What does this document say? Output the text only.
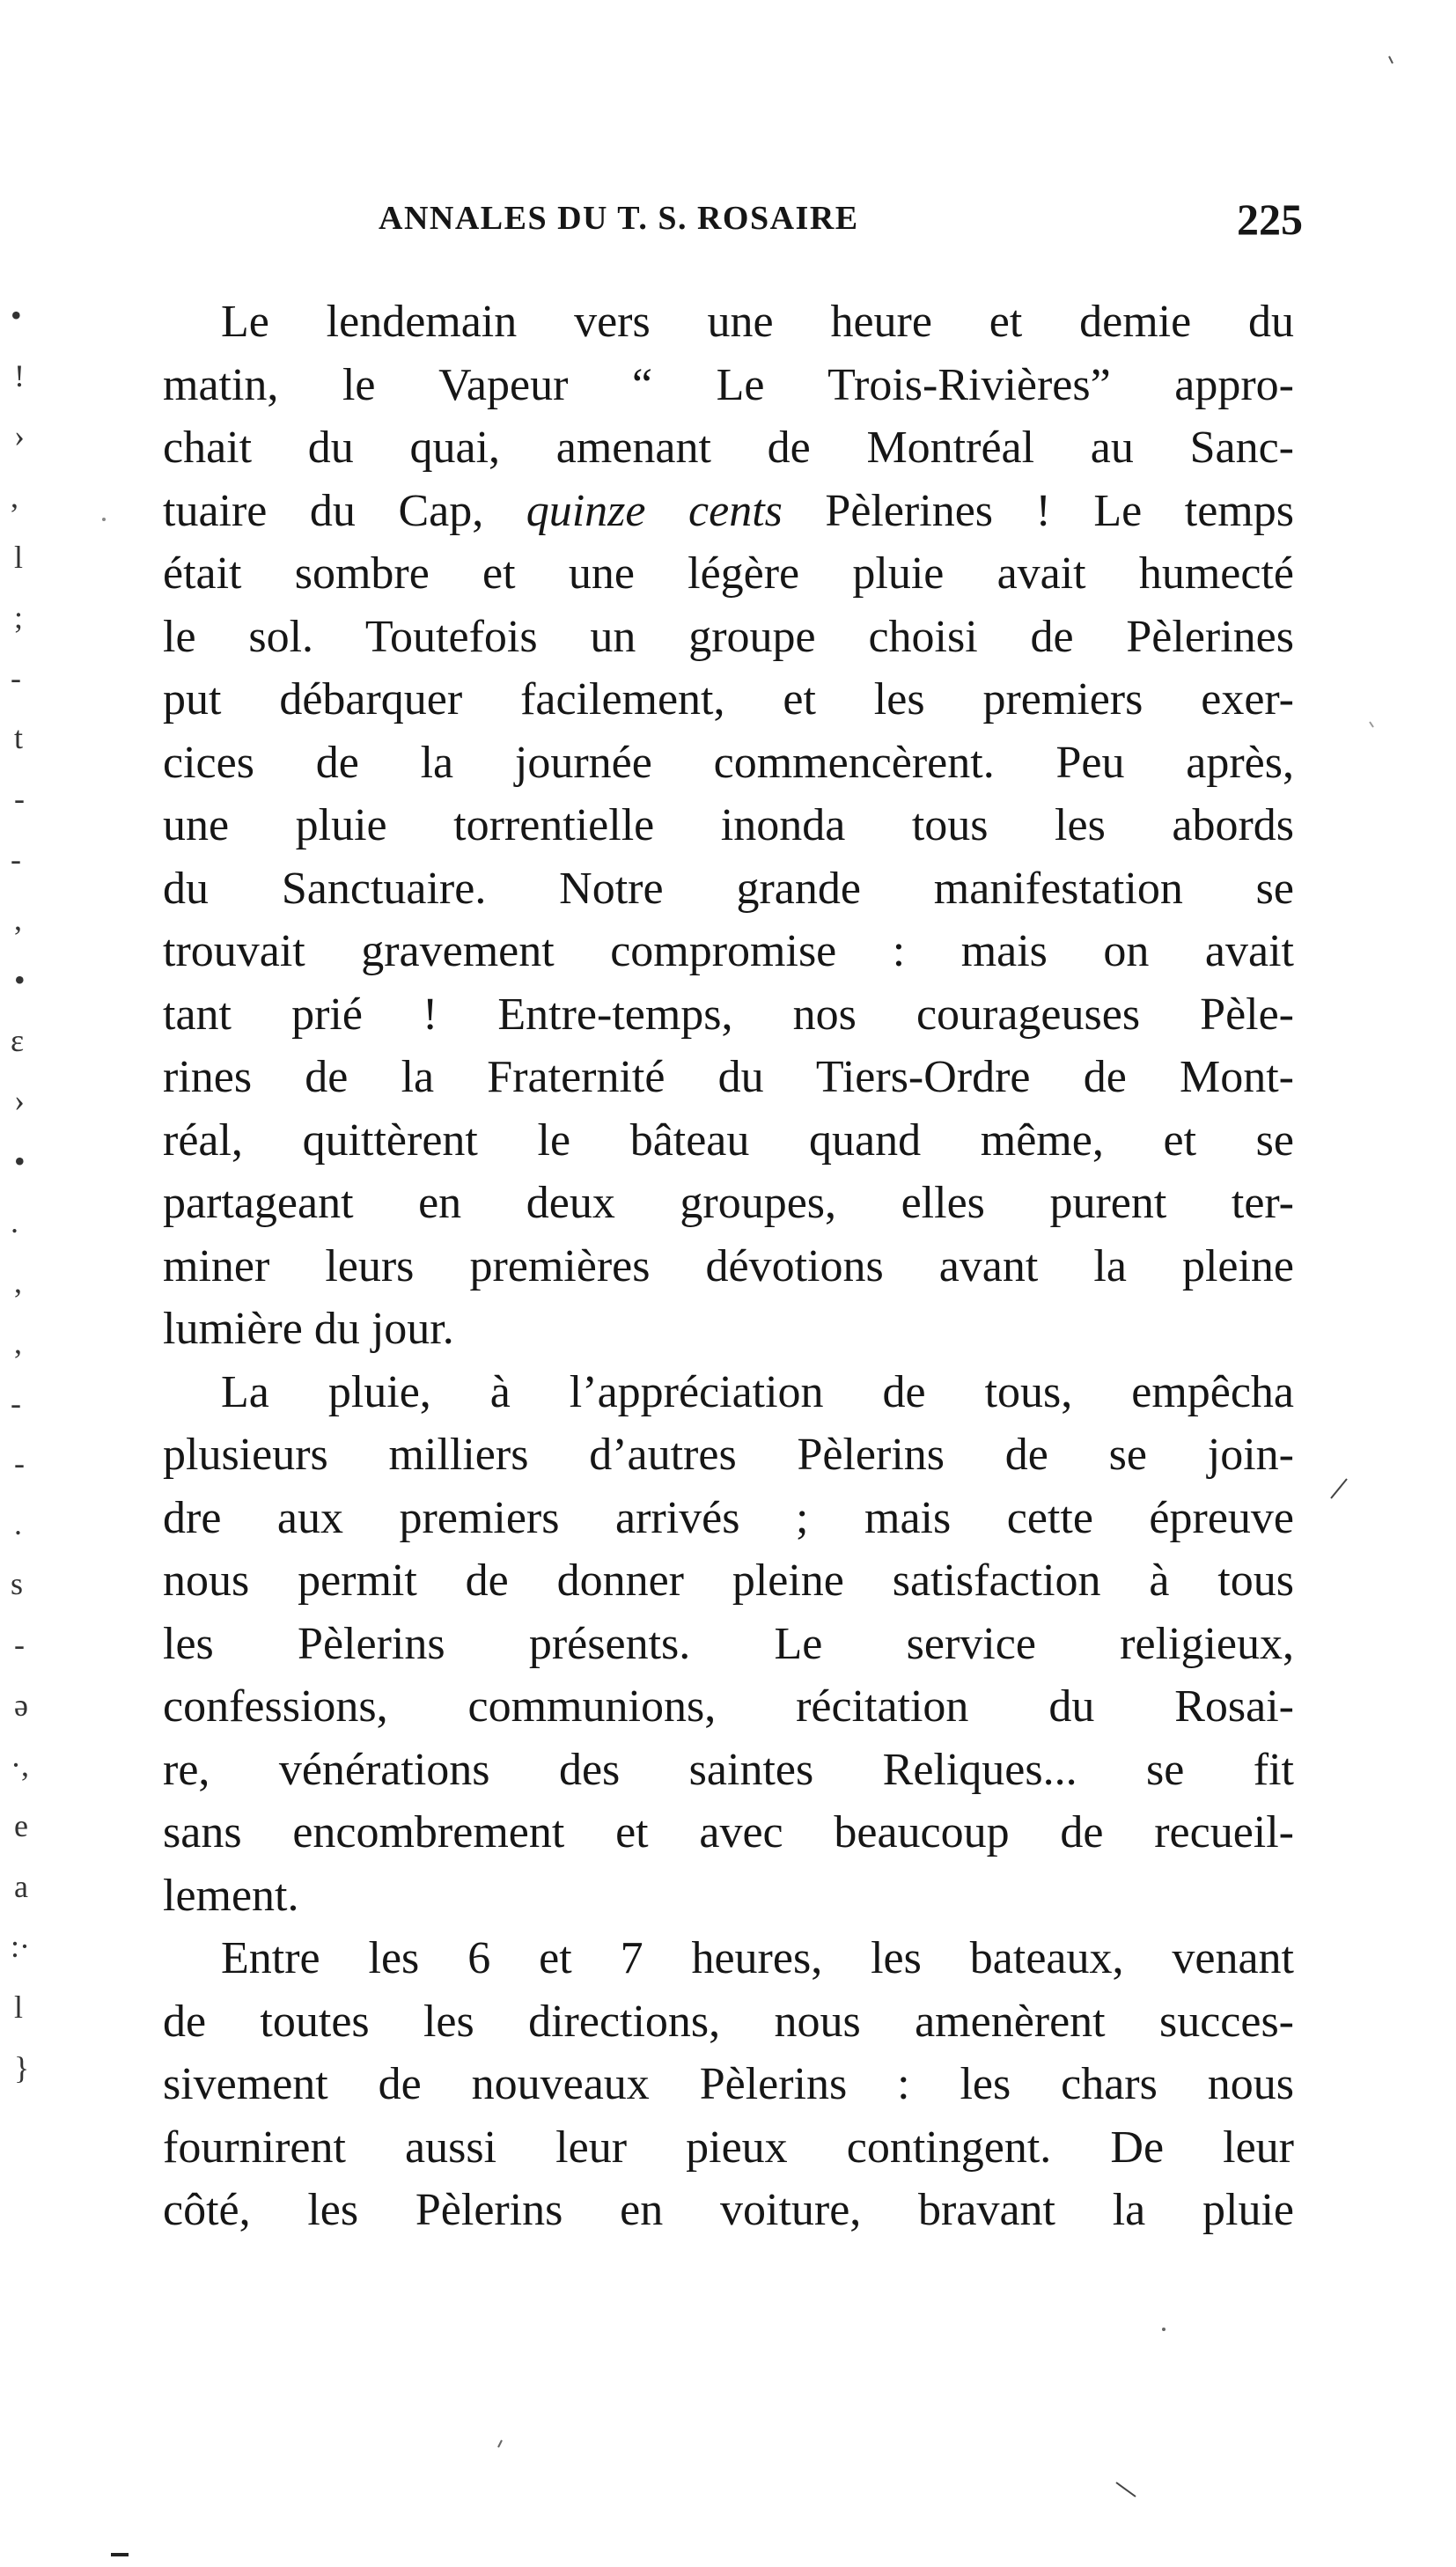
ANNALES DU T. S. ROSAIRE	225
Le lendemain vers une heure et demie du
matin, le Vapeur “ Le Trois-Rivières” appro-
chait du quai, amenant de Montréal au Sanc-
tuaire du Cap, quinze cents Pèlerines ! Le temps
était sombre et une légère pluie avait humecté
le sol. Toutefois un groupe choisi de Pèlerines
put débarquer facilement, et les premiers exer-
cices de la journée commencèrent. Peu après,
une pluie torrentielle inonda tous les abords
du Sanctuaire. Notre grande manifestation se
trouvait gravement compromise : mais on avait
tant prié ! Entre-temps, nos courageuses Pèle-
rines de la Fraternité du Tiers-Ordre de Mont-
réal, quittèrent le bâteau quand même, et se
partageant en deux groupes, elles purent ter-
miner leurs premières dévotions avant la pleine
lumière du jour.
La pluie, à l’appréciation de tous, empêcha
plusieurs milliers d’autres Pèlerins de se join-
dre aux premiers arrivés ; mais cette épreuve
nous permit de donner pleine satisfaction à tous
les Pèlerins présents. Le service religieux,
confessions, communions, récitation du Rosai-
re, vénérations des saintes Reliques... se fit
sans encombrement et avec beaucoup de recueil-
lement.
Entre les 6 et 7 heures, les bateaux, venant
de toutes les directions, nous amenèrent succes-
sivement de nouveaux Pèlerins : les chars nous
fournirent aussi leur pieux contingent. De leur
côté, les Pèlerins en voiture, bravant la pluie
•
!
›
,
l
;
-
t
-
-
,
•
ɛ
›
•
.
,
,
-
-
.
s
-
ə
·,
e
a
:·
l
}
